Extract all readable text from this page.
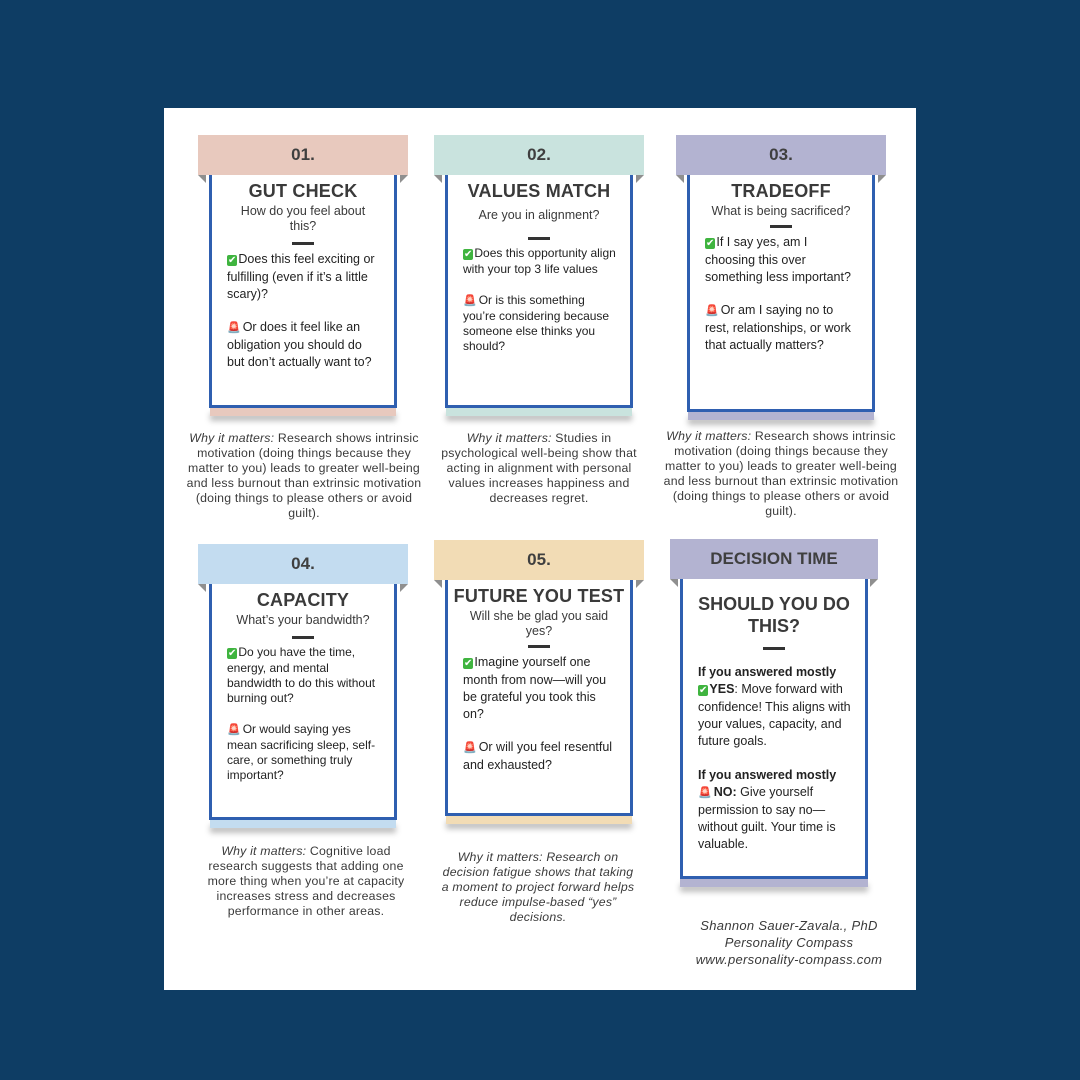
01.
GUT CHECK
How do you feel about this?
✔ Does this feel exciting or fulfilling (even if it’s a little scary)?
🚨 Or does it feel like an obligation you should do but don’t actually want to?
Why it matters: Research shows intrinsic motivation (doing things because they matter to you) leads to greater well-being and less burnout than extrinsic motivation (doing things to please others or avoid guilt).
02.
VALUES MATCH
Are you in alignment?
✔ Does this opportunity align with your top 3 life values
🚨 Or is this something you’re considering because someone else thinks you should?
Why it matters: Studies in psychological well-being show that acting in alignment with personal values increases happiness and decreases regret.
03.
TRADEOFF
What is being sacrificed?
✔ If I say yes, am I choosing this over something less important?
🚨 Or am I saying no to rest, relationships, or work that actually matters?
Why it matters: Research shows intrinsic motivation (doing things because they matter to you) leads to greater well-being and less burnout than extrinsic motivation (doing things to please others or avoid guilt).
04.
CAPACITY
What’s your bandwidth?
✔ Do you have the time, energy, and mental bandwidth to do this without burning out?
🚨 Or would saying yes mean sacrificing sleep, self-care, or something truly important?
Why it matters: Cognitive load research suggests that adding one more thing when you’re at capacity increases stress and decreases performance in other areas.
05.
FUTURE YOU TEST
Will she be glad you said yes?
✔ Imagine yourself one month from now—will you be grateful you took this on?
🚨 Or will you feel resentful and exhausted?
Why it matters: Research on decision fatigue shows that taking a moment to project forward helps reduce impulse-based “yes” decisions.
DECISION TIME
SHOULD YOU DO THIS?
If you answered mostly
✔ YES: Move forward with confidence! This aligns with your values, capacity, and future goals.
If you answered mostly
🚨 NO: Give yourself permission to say no—without guilt. Your time is valuable.
Shannon Sauer-Zavala., PhD
Personality Compass
www.personality-compass.com
